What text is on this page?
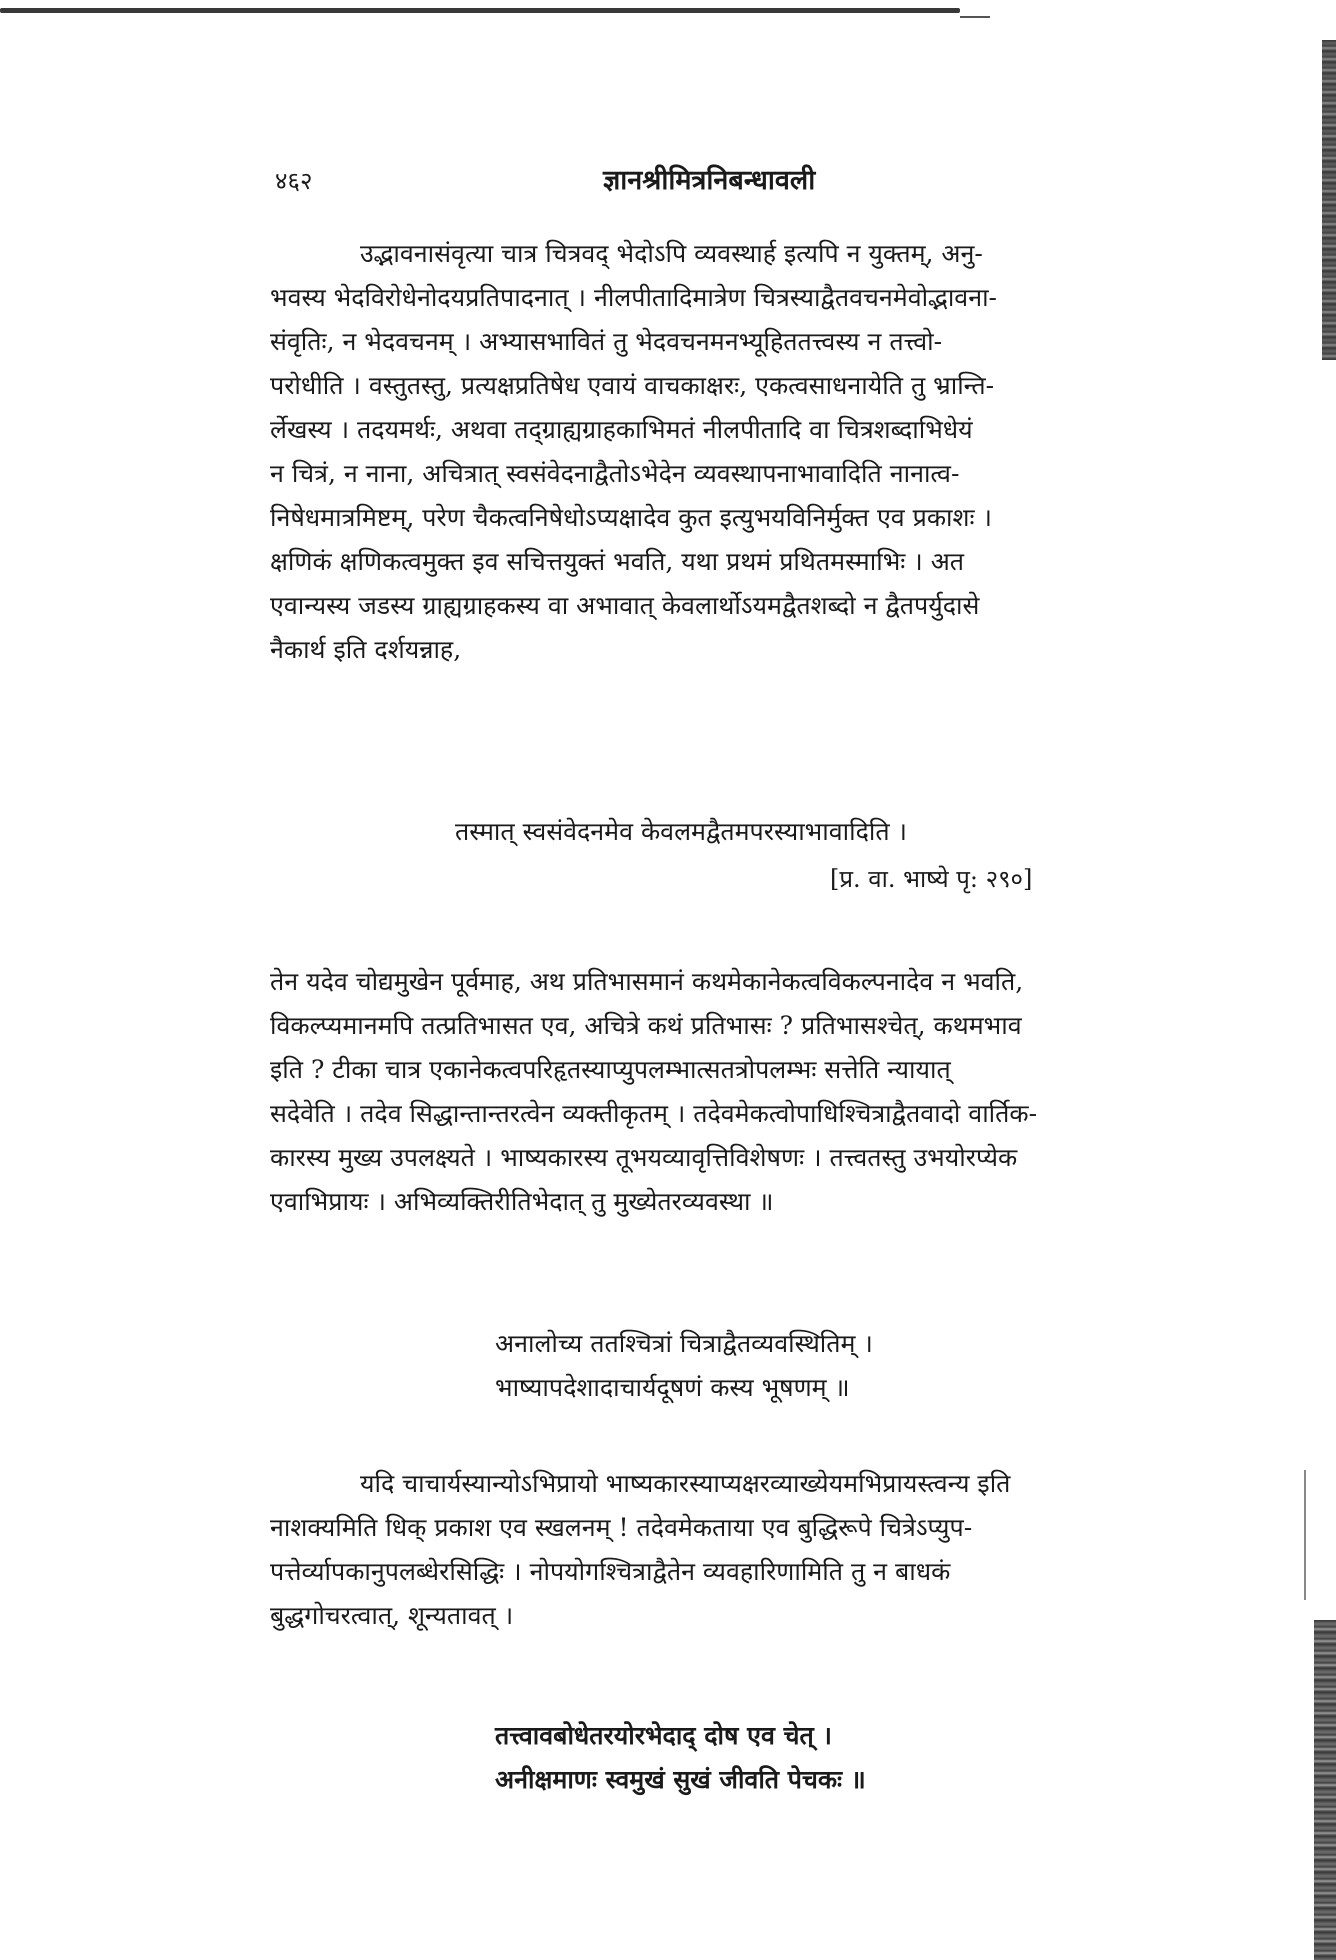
४६२	ज्ञानश्रीमित्रनिबन्धावली
उद्भावनासंवृत्या चात्र चित्रवद् भेदोऽपि व्यवस्थार्ह इत्यपि न युक्तम्, अनु-
भवस्य भेदविरोधेनोदयप्रतिपादनात् । नीलपीतादिमात्रेण चित्रस्याद्वैतवचनमेवोद्भावना-
संवृतिः, न भेदवचनम् । अभ्यासभावितं तु भेदवचनमनभ्यूहिततत्त्वस्य न तत्त्वो-
परोधीति । वस्तुतस्तु, प्रत्यक्षप्रतिषेध एवायं वाचकाक्षरः, एकत्वसाधनायेति तु भ्रान्ति-
र्लेखस्य । तदयमर्थः, अथवा तद्ग्राह्यग्राहकाभिमतं नीलपीतादि वा चित्रशब्दाभिधेयं
न चित्रं, न नाना, अचित्रात् स्वसंवेदनाद्वैतोऽभेदेन व्यवस्थापनाभावादिति नानात्व-
निषेधमात्रमिष्टम्, परेण चैकत्वनिषेधोऽप्यक्षादेव कुत इत्युभयविनिर्मुक्त एव प्रकाशः ।
क्षणिकं क्षणिकत्वमुक्त इव सचित्तयुक्तं भवति, यथा प्रथमं प्रथितमस्माभिः । अत
एवान्यस्य जडस्य ग्राह्यग्राहकस्य वा अभावात् केवलार्थोऽयमद्वैतशब्दो न द्वैतपर्युदासे
नैकार्थ इति दर्शयन्नाह,
तस्मात् स्वसंवेदनमेव केवलमद्वैतमपरस्याभावादिति ।
[प्र. वा. भाष्ये पृ: २९०]
तेन यदेव चोद्यमुखेन पूर्वमाह, अथ प्रतिभासमानं कथमेकानेकत्वविकल्पनादेव न भवति,
विकल्प्यमानमपि तत्प्रतिभासत एव, अचित्रे कथं प्रतिभासः ? प्रतिभासश्चेत्, कथमभाव
इति ? टीका चात्र एकानेकत्वपरिहृतस्याप्युपलम्भात्सतत्रोपलम्भः सत्तेति न्यायात्
सदेवेति । तदेव सिद्धान्तान्तरत्वेन व्यक्तीकृतम् । तदेवमेकत्वोपाधिश्चित्राद्वैतवादो वार्तिक-
कारस्य मुख्य उपलक्ष्यते । भाष्यकारस्य तूभयव्यावृत्तिविशेषणः । तत्त्वतस्तु उभयोरप्येक
एवाभिप्रायः । अभिव्यक्तिरीतिभेदात् तु मुख्येतरव्यवस्था ॥
अनालोच्य ततश्चित्रां चित्राद्वैतव्यवस्थितिम् ।
भाष्यापदेशादाचार्यदूषणं कस्य भूषणम् ॥
यदि चाचार्यस्यान्योऽभिप्रायो भाष्यकारस्याप्यक्षरव्याख्येयमभिप्रायस्त्वन्य इति
नाशक्यमिति धिक् प्रकाश एव स्खलनम् ! तदेवमेकताया एव बुद्धिरूपे चित्रेऽप्युप-
पत्तेर्व्यापकानुपलब्धेरसिद्धिः । नोपयोगश्चित्राद्वैतेन व्यवहारिणामिति तु न बाधकं
बुद्धगोचरत्वात्, शून्यतावत् ।
तत्त्वावबोधेतरयोरभेदाद् दोष एव चेत् ।
अनीक्षमाणः स्वमुखं सुखं जीवति पेचकः ॥
